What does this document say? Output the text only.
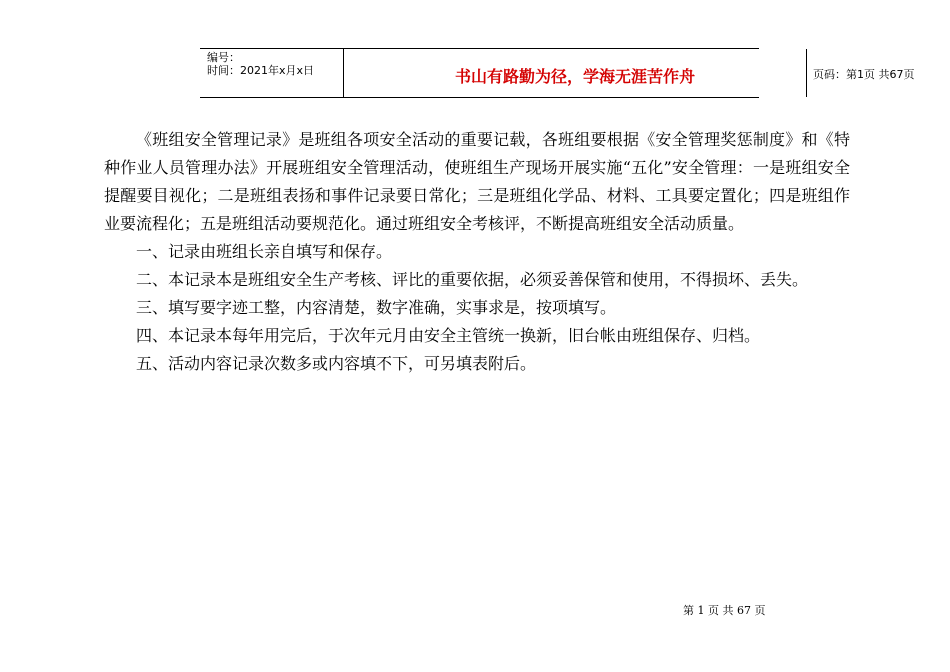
编号：
时间：2021年x月x日	书山有路勤为径，学海无涯苦作舟	页码：第1页 共67页

《班组安全管理记录》是班组各项安全活动的重要记载，各班组要根据《安全管理奖惩制度》和《特种作业人员管理办法》开展班组安全管理活动，使班组生产现场开展实施“五化”安全管理：一是班组安全提醒要目视化；二是班组表扬和事件记录要日常化；三是班组化学品、材料、工具要定置化；四是班组作业要流程化；五是班组活动要规范化。通过班组安全考核评，不断提高班组安全活动质量。

一、记录由班组长亲自填写和保存。

二、本记录本是班组安全生产考核、评比的重要依据，必须妥善保管和使用，不得损坏、丢失。

三、填写要字迹工整，内容清楚，数字准确，实事求是，按项填写。

四、本记录本每年用完后，于次年元月由安全主管统一换新，旧台帐由班组保存、归档。

五、活动内容记录次数多或内容填不下，可另填表附后。

第 1 页 共 67 页
